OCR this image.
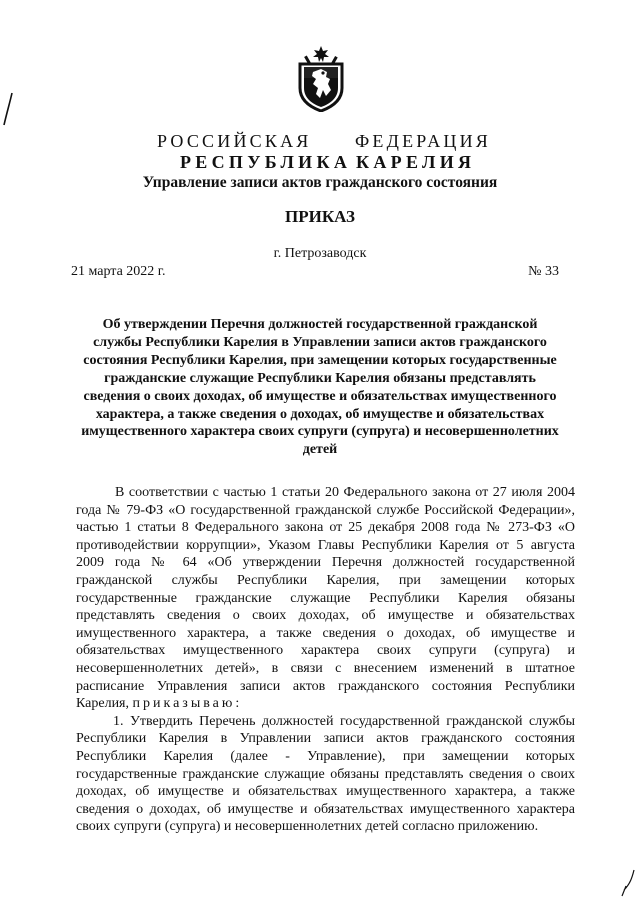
РОССИЙСКАЯ ФЕДЕРАЦИЯ
РЕСПУБЛИКА КАРЕЛИЯ
Управление записи актов гражданского состояния
ПРИКАЗ
г. Петрозаводск
21 марта 2022 г.	№ 33
Об утверждении Перечня должностей государственной гражданской службы Республики Карелия в Управлении записи актов гражданского состояния Республики Карелия, при замещении которых государственные гражданские служащие Республики Карелия обязаны представлять сведения о своих доходах, об имуществе и обязательствах имущественного характера, а также сведения о доходах, об имуществе и обязательствах имущественного характера своих супруги (супруга) и несовершеннолетних детей

В соответствии с частью 1 статьи 20 Федерального закона от 27 июля 2004 года № 79-ФЗ «О государственной гражданской службе Российской Федерации», частью 1 статьи 8 Федерального закона от 25 декабря 2008 года № 273-ФЗ «О противодействии коррупции», Указом Главы Республики Карелия от 5 августа 2009 года № 64 «Об утверждении Перечня должностей государственной гражданской службы Республики Карелия, при замещении которых государственные гражданские служащие Республики Карелия обязаны представлять сведения о своих доходах, об имуществе и обязательствах имущественного характера, а также сведения о доходах, об имуществе и обязательствах имущественного характера своих супруги (супруга) и несовершеннолетних детей», в связи с внесением изменений в штатное расписание Управления записи актов гражданского состояния Республики Карелия, приказываю:

1. Утвердить Перечень должностей государственной гражданской службы Республики Карелия в Управлении записи актов гражданского состояния Республики Карелия (далее - Управление), при замещении которых государственные гражданские служащие обязаны представлять сведения о своих доходах, об имуществе и обязательствах имущественного характера, а также сведения о доходах, об имуществе и обязательствах имущественного характера своих супруги (супруга) и несовершеннолетних детей согласно приложению.
